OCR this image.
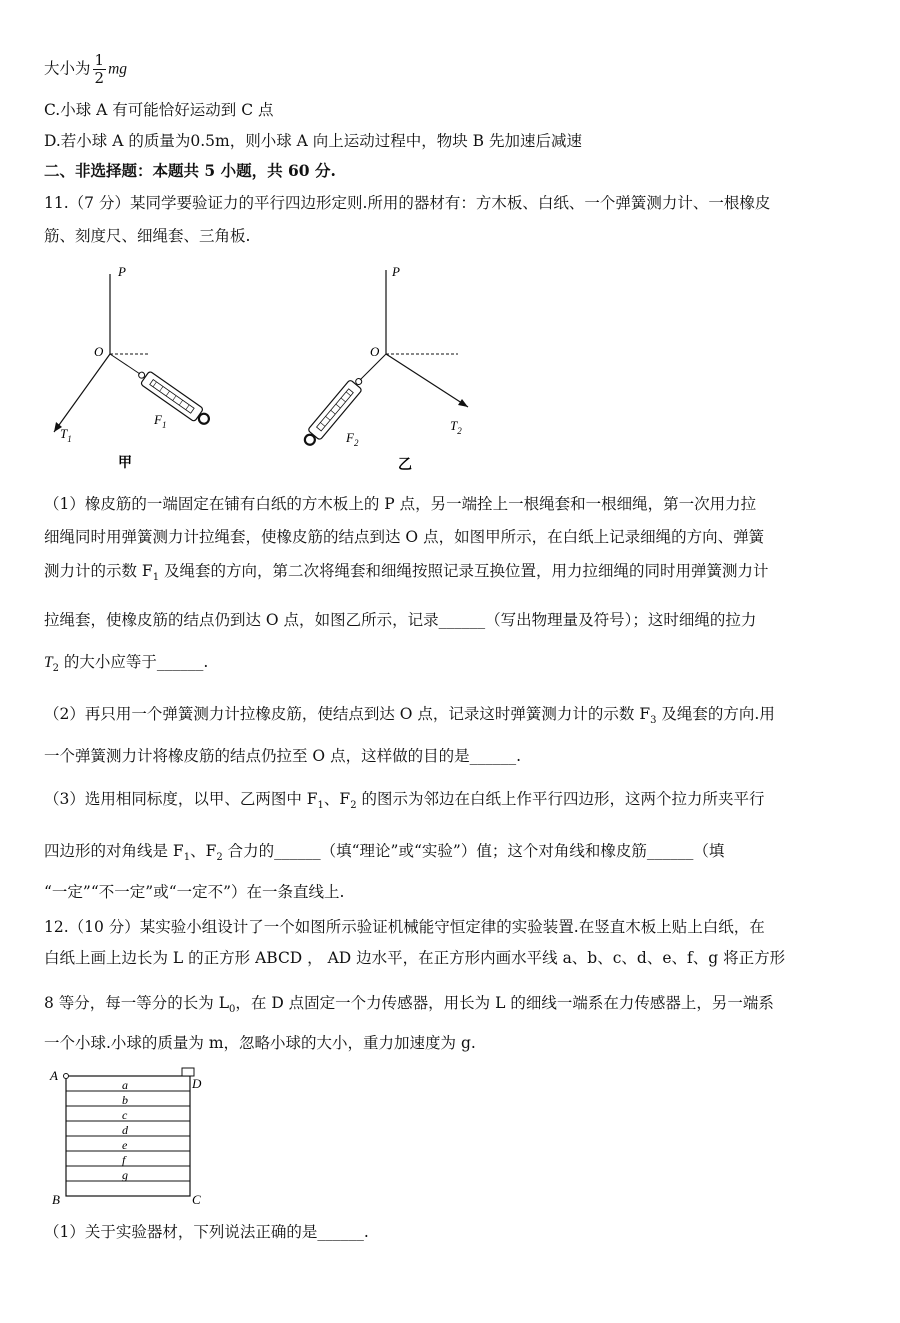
大小为 $\frac{1}{2}$ mg
C.小球 A 有可能恰好运动到 C 点
D.若小球 A 的质量为0.5m，则小球 A 向上运动过程中，物块 B 先加速后减速
二、非选择题：本题共 5 小题，共 60 分.
11.（7 分）某同学要验证力的平行四边形定则.所用的器材有：方木板、白纸、一个弹簧测力计、一根橡皮
筋、刻度尺、细绳套、三角板.
P
O
$T_1$
$F_1$
甲
P
O
$T_2$
$F_2$
乙
（1）橡皮筋的一端固定在铺有白纸的方木板上的 P 点，另一端拴上一根绳套和一根细绳，第一次用力拉
细绳同时用弹簧测力计拉绳套，使橡皮筋的结点到达 O 点，如图甲所示，在白纸上记录细绳的方向、弹簧
测力计的示数 $F_1$ 及绳套的方向，第二次将绳套和细绳按照记录互换位置，用力拉细绳的同时用弹簧测力计
拉绳套，使橡皮筋的结点仍到达 O 点，如图乙所示，记录______（写出物理量及符号）；这时细绳的拉力
$T_2$ 的大小应等于______.
（2）再只用一个弹簧测力计拉橡皮筋，使结点到达 O 点，记录这时弹簧测力计的示数 $F_3$ 及绳套的方向.用
一个弹簧测力计将橡皮筋的结点仍拉至 O 点，这样做的目的是______.
（3）选用相同标度，以甲、乙两图中 $F_1$、$F_2$ 的图示为邻边在白纸上作平行四边形，这两个拉力所夹平行
四边形的对角线是 $F_1$、$F_2$ 合力的______（填“理论”或“实验”）值；这个对角线和橡皮筋______（填
“一定”“不一定”或“一定不”）在一条直线上.
12.（10 分）某实验小组设计了一个如图所示验证机械能守恒定律的实验装置.在竖直木板上贴上白纸，在
白纸上画上边长为 L 的正方形 ABCD ， AD 边水平，在正方形内画水平线 a、b、c、d、e、f、g 将正方形
8 等分，每一等分的长为 $L_0$，在 D 点固定一个力传感器，用长为 L 的细线一端系在力传感器上，另一端系
一个小球.小球的质量为 m，忽略小球的大小，重力加速度为 g.
a
b
c
d
e
f
g
A
D
B	C
（1）关于实验器材，下列说法正确的是______.
